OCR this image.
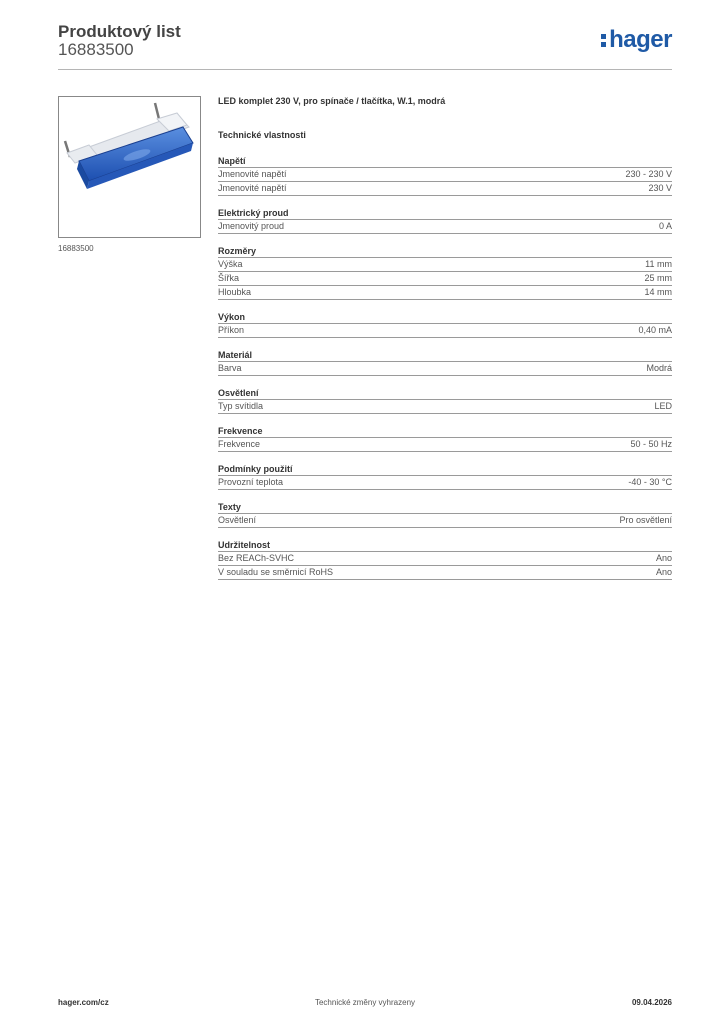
Produktový list
16883500	hager
16883500
LED komplet 230 V, pro spínače / tlačítka, W.1, modrá
Technické vlastnosti
Napětí
Jmenovité napětí	230 - 230 V
Jmenovité napětí	230 V
Elektrický proud
Jmenovitý proud	0 A
Rozměry
Výška	11 mm
Šířka	25 mm
Hloubka	14 mm
Výkon
Příkon	0,40 mA
Materiál
Barva	Modrá
Osvětlení
Typ svítidla	LED
Frekvence
Frekvence	50 - 50 Hz
Podmínky použití
Provozní teplota	-40 - 30 °C
Texty
Osvětlení	Pro osvětlení
Udržitelnost
Bez REACh-SVHC	Ano
V souladu se směrnicí RoHS	Ano
hager.com/cz	Technické změny vyhrazeny	09.04.2026
